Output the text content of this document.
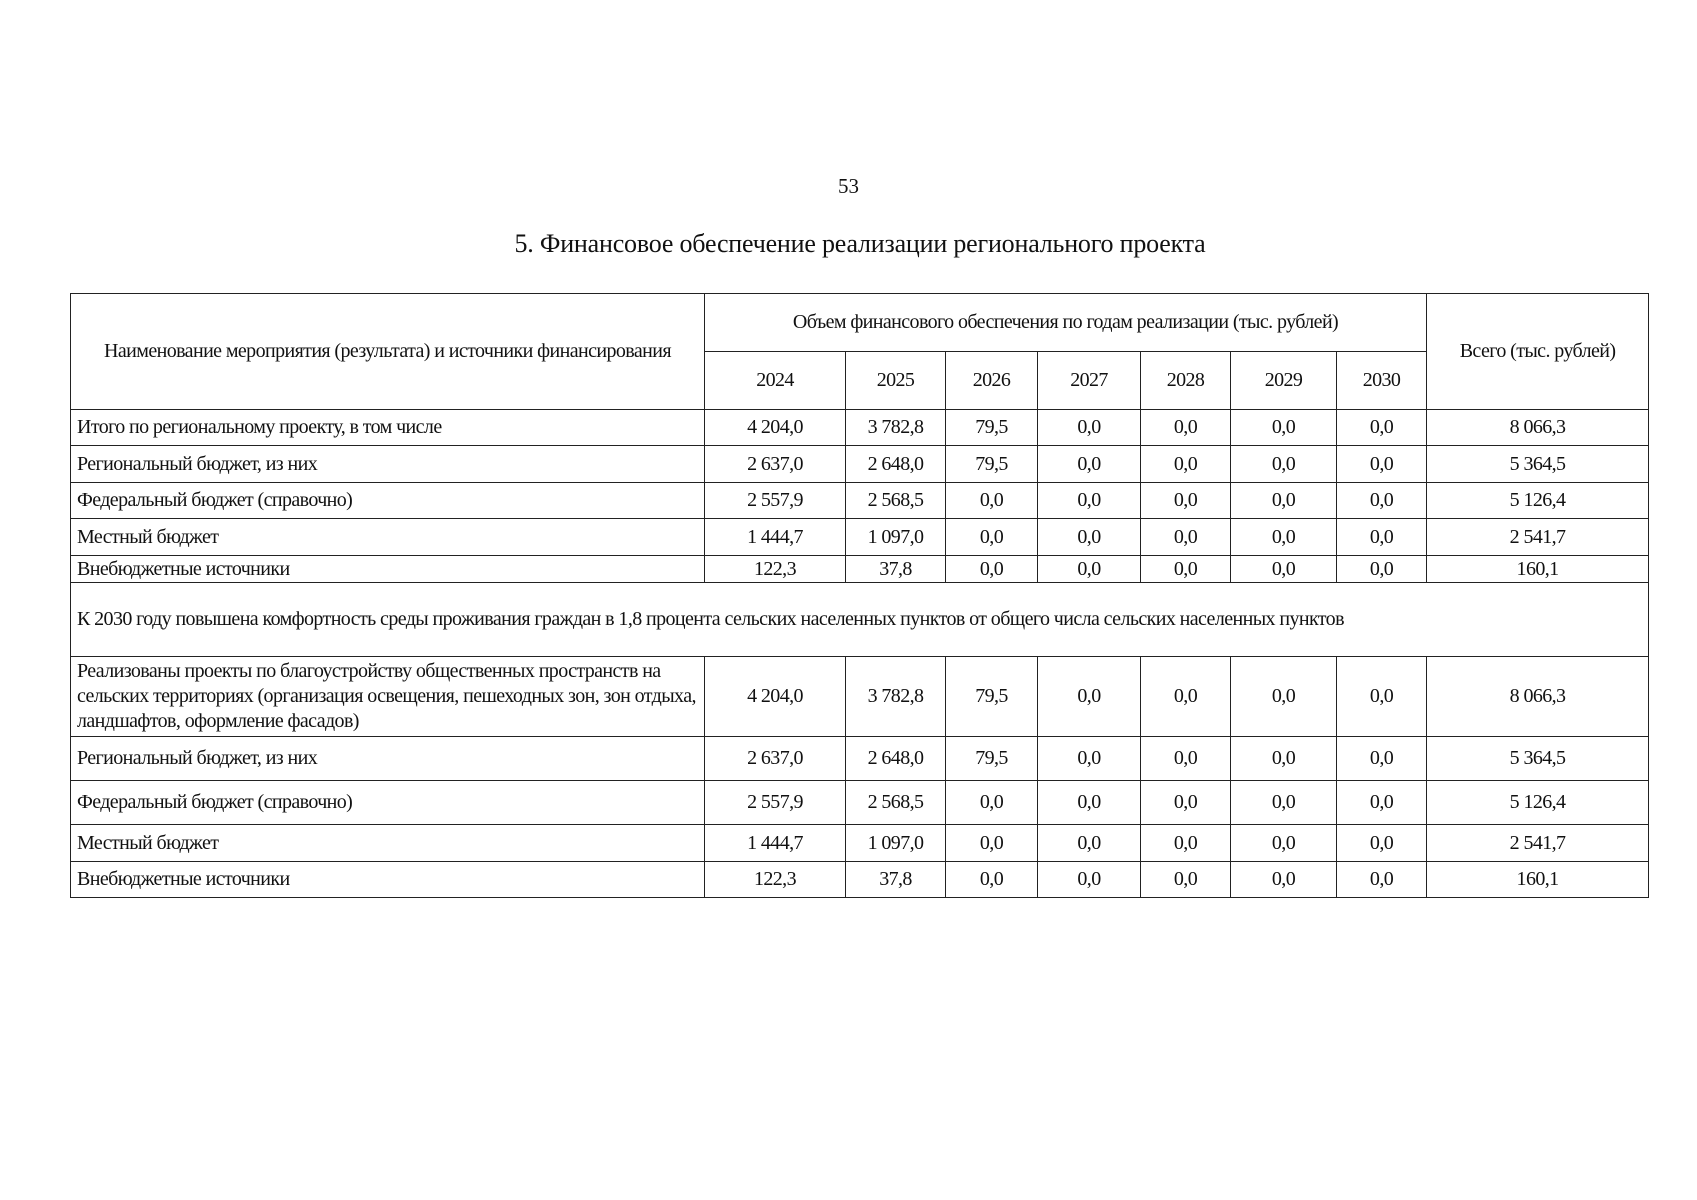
53
5. Финансовое обеспечение реализации регионального проекта
Наименование мероприятия (результата) и источники финансирования	Объем финансового обеспечения по годам реализации (тыс. рублей)							Всего (тыс. рублей)
	2024	2025	2026	2027	2028	2029	2030	
Итого по региональному проекту, в том числе	4 204,0	3 782,8	79,5	0,0	0,0	0,0	0,0	8 066,3
Региональный бюджет, из них	2 637,0	2 648,0	79,5	0,0	0,0	0,0	0,0	5 364,5
Федеральный бюджет (справочно)	2 557,9	2 568,5	0,0	0,0	0,0	0,0	0,0	5 126,4
Местный бюджет	1 444,7	1 097,0	0,0	0,0	0,0	0,0	0,0	2 541,7
Внебюджетные источники	122,3	37,8	0,0	0,0	0,0	0,0	0,0	160,1
К 2030 году повышена комфортность среды проживания граждан в 1,8 процента сельских населенных пунктов от общего числа сельских населенных пунктов								
Реализованы проекты по благоустройству общественных пространств на сельских территориях (организация освещения, пешеходных зон, зон отдыха, ландшафтов, оформление фасадов)	4 204,0	3 782,8	79,5	0,0	0,0	0,0	0,0	8 066,3
Региональный бюджет, из них	2 637,0	2 648,0	79,5	0,0	0,0	0,0	0,0	5 364,5
Федеральный бюджет (справочно)	2 557,9	2 568,5	0,0	0,0	0,0	0,0	0,0	5 126,4
Местный бюджет	1 444,7	1 097,0	0,0	0,0	0,0	0,0	0,0	2 541,7
Внебюджетные источники	122,3	37,8	0,0	0,0	0,0	0,0	0,0	160,1
